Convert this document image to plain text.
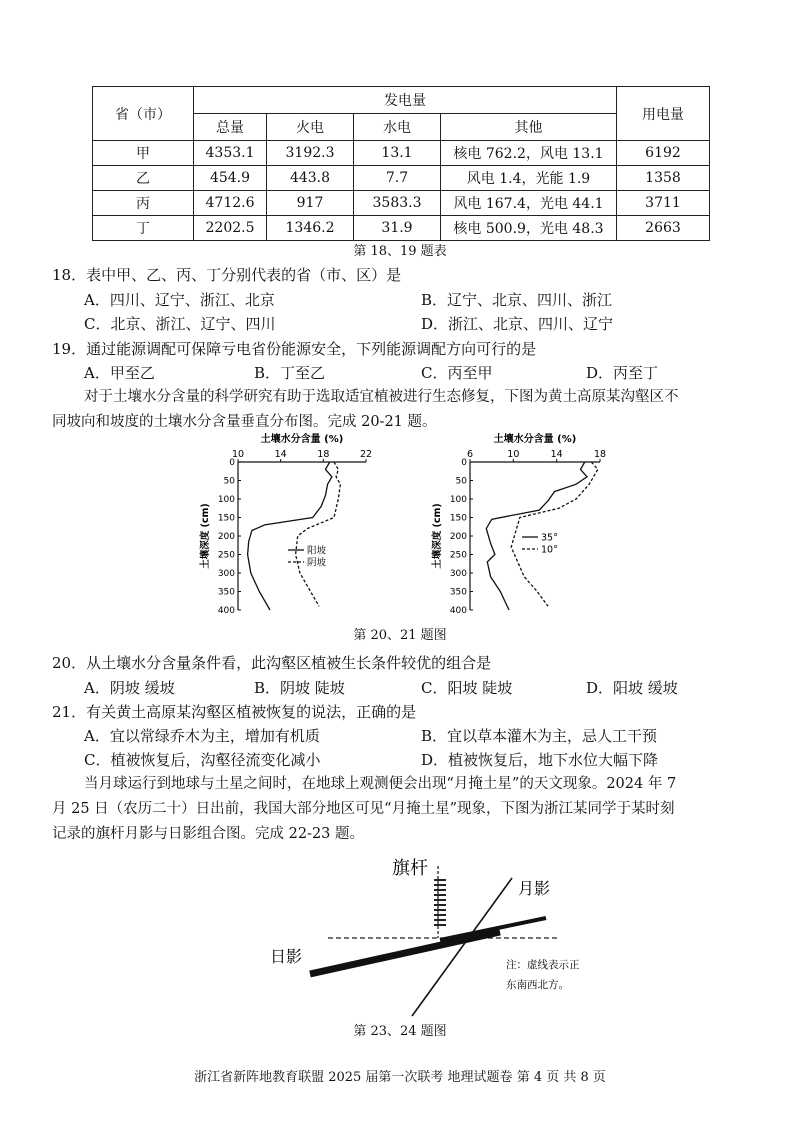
省（市）	发电量				用电量
	总量	火电	水电	其他	
甲	4353.1	3192.3	13.1	核电 762.2，风电 13.1	6192
乙	454.9	443.8	7.7	风电 1.4，光能 1.9	1358
丙	4712.6	917	3583.3	风电 167.4，光电 44.1	3711
丁	2202.5	1346.2	31.9	核电 500.9，光电 48.3	2663
第 18、19 题表
18．表中甲、乙、丙、丁分别代表的省（市、区）是
A．四川、辽宁、浙江、北京	B．辽宁、北京、四川、浙江
C．北京、浙江、辽宁、四川	D．浙江、北京、四川、辽宁
19．通过能源调配可保障亏电省份能源安全，下列能源调配方向可行的是
A．甲至乙	B．丁至乙	C．丙至甲	D．丙至丁
对于土壤水分含量的科学研究有助于选取适宜植被进行生态修复，下图为黄土高原某沟壑区不
同坡向和坡度的土壤水分含量垂直分布图。完成 20-21 题。
土壤水分含量 (%)
10	14	18	22
0
50
100
150
200
250
300
350
400
土壤深度 (cm)	阳坡
阴坡
土壤水分含量 (%)
6	10	14	18
0
50
100
150
200
250
300
350
400
土壤深度 (cm)	35°
10°
第 20、21 题图
20．从土壤水分含量条件看，此沟壑区植被生长条件较优的组合是
A．阴坡 缓坡	B．阴坡 陡坡	C．阳坡 陡坡	D．阳坡 缓坡
21．有关黄土高原某沟壑区植被恢复的说法，正确的是
A．宜以常绿乔木为主，增加有机质	B．宜以草本灌木为主，忌人工干预
C．植被恢复后，沟壑径流变化减小	D．植被恢复后，地下水位大幅下降
当月球运行到地球与土星之间时，在地球上观测便会出现“月掩土星”的天文现象。2024 年 7
月 25 日（农历二十）日出前，我国大部分地区可见“月掩土星”现象，下图为浙江某同学于某时刻
记录的旗杆月影与日影组合图。完成 22-23 题。
旗杆
月影
日影	注：虚线表示正
东南西北方。
第 23、24 题图
浙江省新阵地教育联盟 2025 届第一次联考 地理试题卷 第 4 页 共 8 页
